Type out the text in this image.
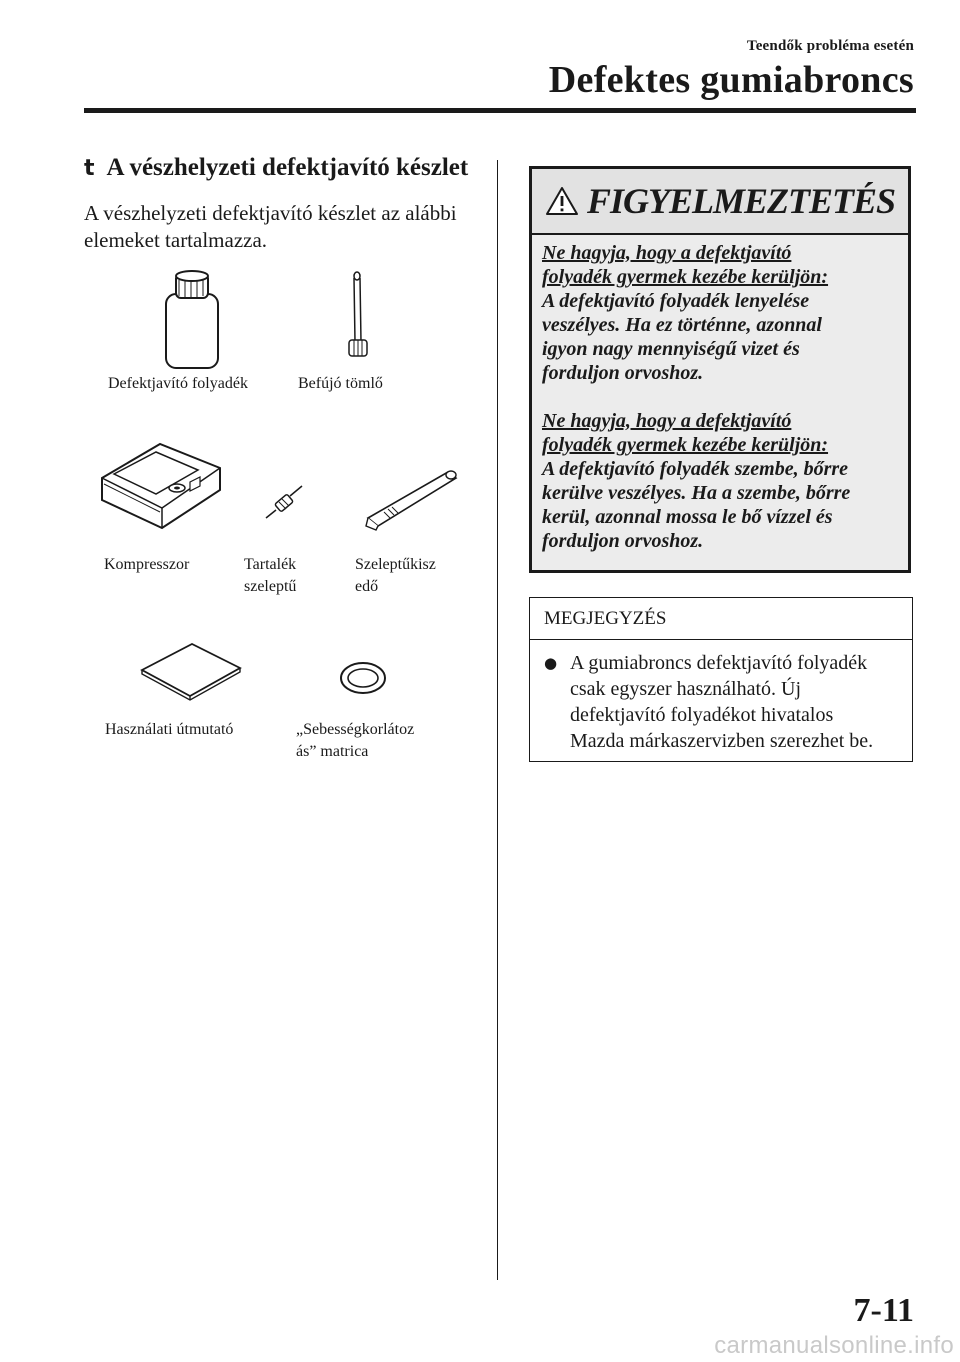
Teendők probléma esetén
Defektes gumiabroncs
t A vészhelyzeti defektjavító készlet
A vészhelyzeti defektjavító készlet az alábbi elemeket tartalmazza.
Defektjavító folyadék	Befújó tömlő
Kompresszor	Tartalék
szeleptű
Szeleptűkisz
edő
Használati útmutató	„Sebességkorlátoz
ás” matrica
FIGYELMEZTETÉS
Ne hagyja, hogy a defektjavító
folyadék gyermek kezébe kerüljön:
A defektjavító folyadék lenyelése
veszélyes. Ha ez történne, azonnal
igyon nagy mennyiségű vizet és
forduljon orvoshoz.
Ne hagyja, hogy a defektjavító
folyadék gyermek kezébe kerüljön:
A defektjavító folyadék szembe, bőrre
kerülve veszélyes. Ha a szembe, bőrre
kerül, azonnal mossa le bő vízzel és
forduljon orvoshoz.
MEGJEGYZÉS
● A gumiabroncs defektjavító folyadék
csak egyszer használható. Új
defektjavító folyadékot hivatalos
Mazda márkaszervizben szerezhet be.
7-11
carmanualsonline.info
